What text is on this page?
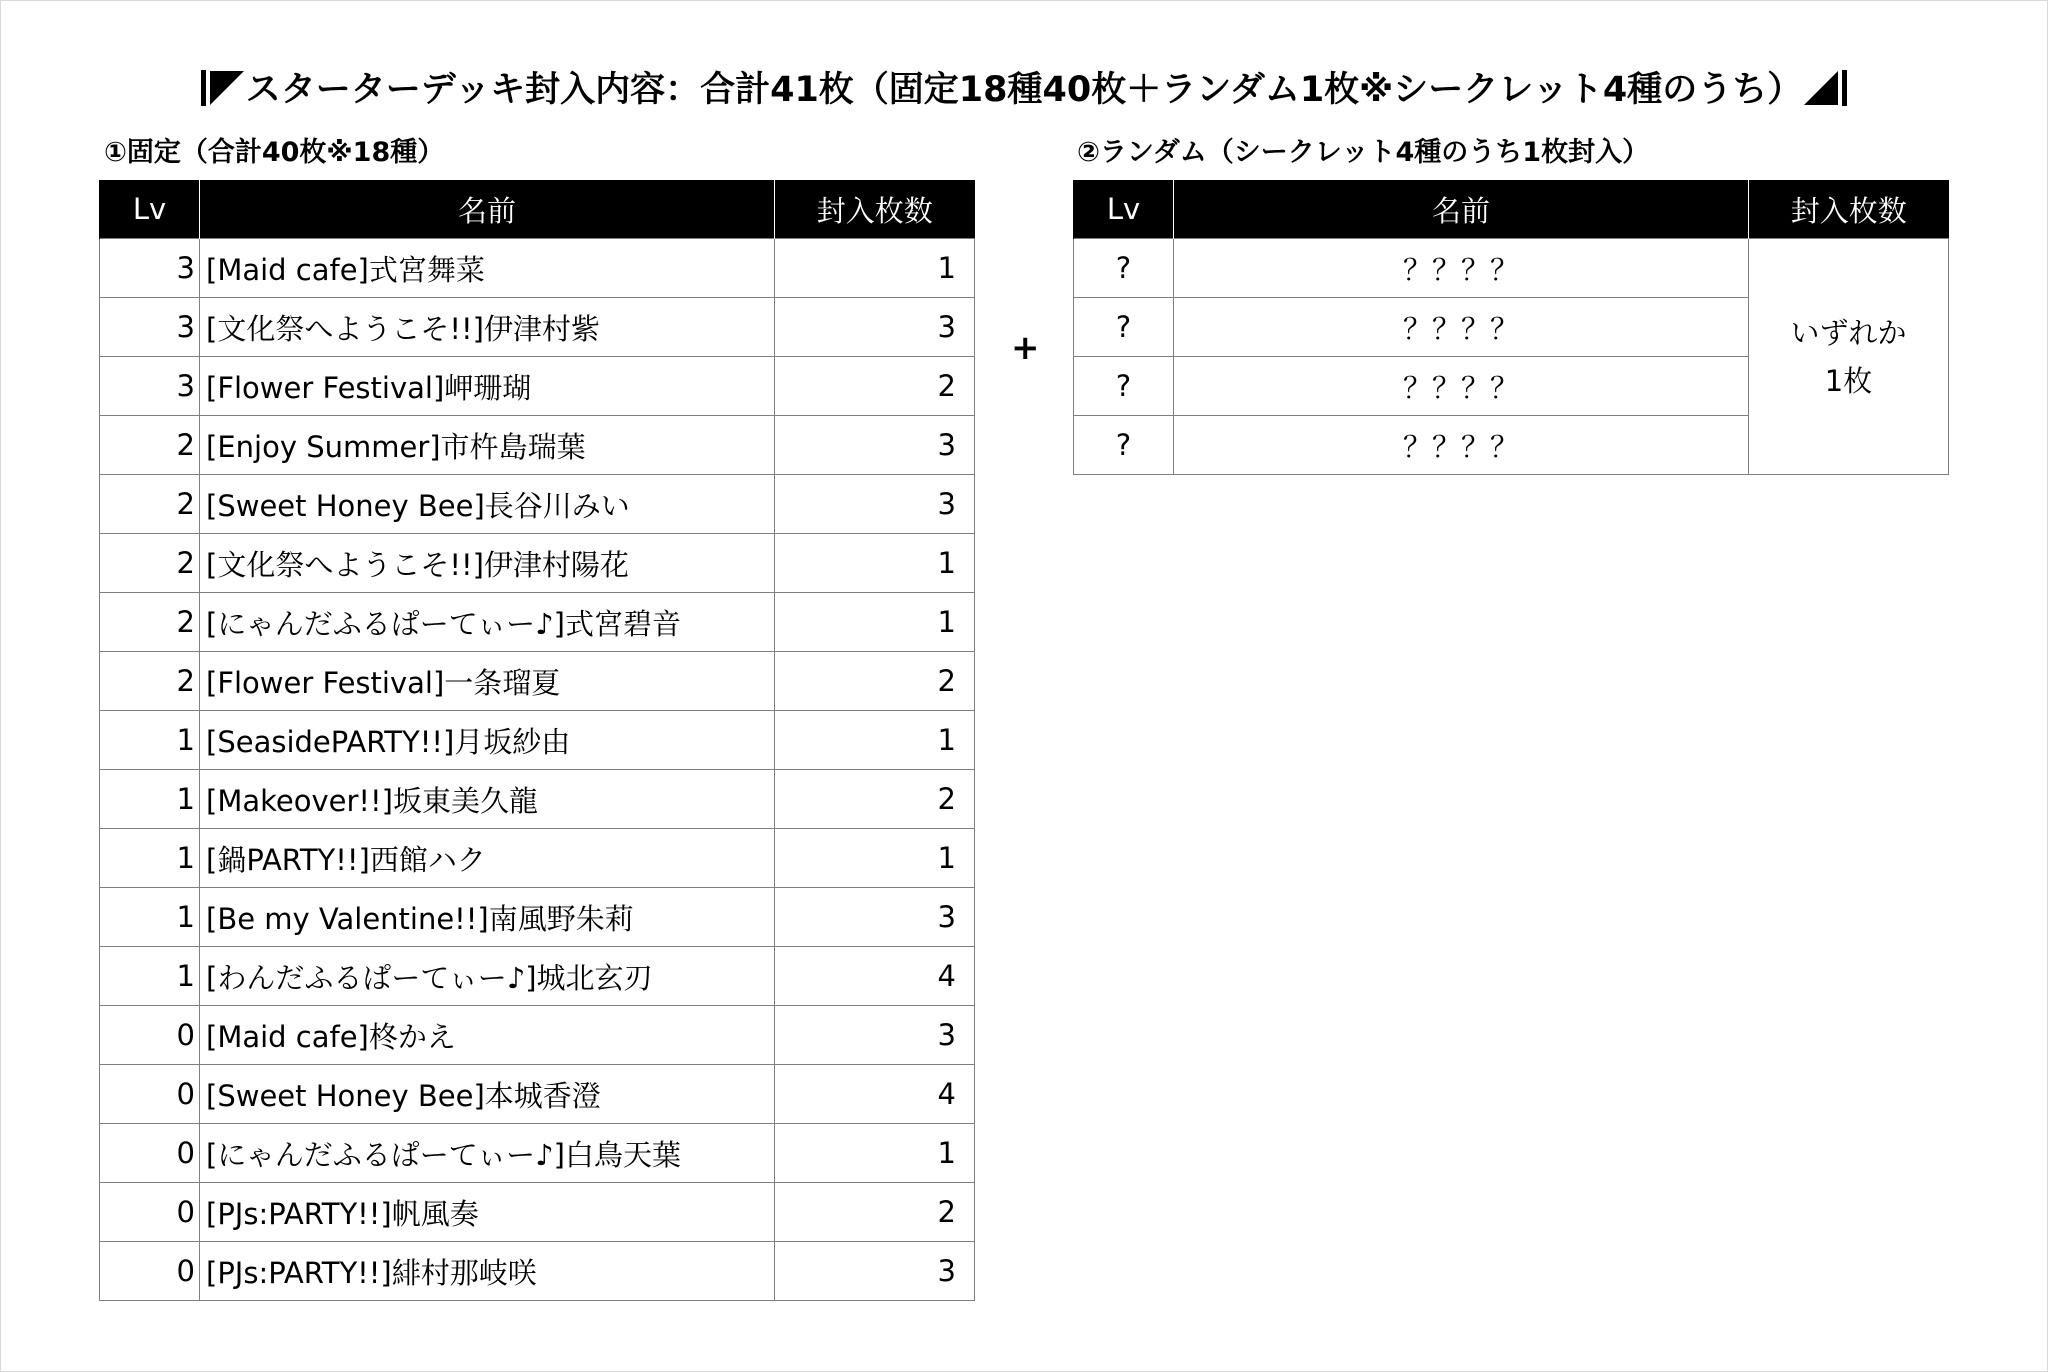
スターターデッキ封入内容：合計41枚（固定18種40枚＋ランダム1枚※シークレット4種のうち）
①固定（合計40枚※18種）
Lv	名前	封入枚数
3	[Maid cafe]式宮舞菜	1
3	[文化祭へようこそ!!]伊津村紫	3
3	[Flower Festival]岬珊瑚	2
2	[Enjoy Summer]市杵島瑞葉	3
2	[Sweet Honey Bee]長谷川みい	3
2	[文化祭へようこそ!!]伊津村陽花	1
2	[にゃんだふるぱーてぃー♪]式宮碧音	1
2	[Flower Festival]一条瑠夏	2
1	[SeasidePARTY!!]月坂紗由	1
1	[Makeover!!]坂東美久龍	2
1	[鍋PARTY!!]西館ハク	1
1	[Be my Valentine!!]南風野朱莉	3
1	[わんだふるぱーてぃー♪]城北玄刃	4
0	[Maid cafe]柊かえ	3
0	[Sweet Honey Bee]本城香澄	4
0	[にゃんだふるぱーてぃー♪]白鳥天葉	1
0	[PJs:PARTY!!]帆風奏	2
0	[PJs:PARTY!!]緋村那岐咲	3
+
②ランダム（シークレット4種のうち1枚封入）
Lv	名前	封入枚数
?	？？？？	いずれか
1枚

?	？？？？	
?	？？？？	
?	？？？？	
